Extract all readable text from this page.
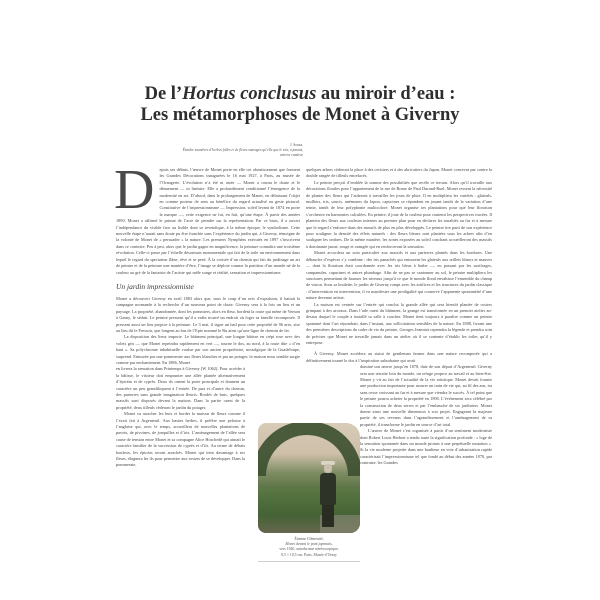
De l’Hortus conclusus au miroir d’eau :
Les métamorphoses de Monet à Giverny
J. Souza,
Étendre saunières d’herbes folles et de fleurs sauvages qu’elle que le soir, à jamais, entrera candeur

D epuis ses débuts, l’œuvre de Monet porte en elle cet aboutissement que forment les Grandes Décorations inaugurées le 16 mai 1927, à Paris, au musée de l’Orangerie. L’évolution n’a été ni aisée — Monet a connu le doute et le dénuement — ni linéaire. Elle a profondément conditionné l’émergence de la modernité en art. D’abord, dans le prolongement de Manet, en délaissant l’objet en comme porteur de sens au bénéfice du regard actualisé au geste pictural. Constitutive de l’impressionnisme — Impression, soleil levant de 1874 en porte la marque —, cette exigence ne fut, en fait, qu’une étape. À partir des années 1890, Monet a affirmé le primat de l’acte de peindre sur la représentation. Par ce biais, il a ouvert l’indépendance du visible face au lisible dont se revendique, à la même époque, le symbolisme. Cette nouvelle étape n’aurait sans doute pu être franchie sans l’expérience du jardin qui, à Giverny, témoigne de la volonté de Monet de « persuader » la nature. Les premiers Nymphéas exécutés en 1897 s’inscrivent dans ce contexte. Peu à peu, alors que le jardin gagne en magnificence, la peinture connaîtra une troisième révolution. Celle-ci passe par l’échelle désormais monumentale qui fait de la toile un environnement dans lequel le regard du spectateur flâne, rêve et se perd. À la croisée d’un chemin qui fait du jardinage un art de peintre et de la peinture une manière d’être, l’image se déploie comme la partition d’un monde né de la couleur au gré de la fantaisie de l’artiste qui mêle songe et réalité, sensation et impressionnisme.

Un jardin impressionniste

Monet a découvert Giverny en avril 1883 alors que, sous le coup d’un avis d’expulsion, il battait la campagne normande à la recherche d’un nouveau point de chute. Giverny sera à la fois un lieu et un paysage. La propriété, abandonnée, dont les pommiers, alors en fleur, bordent la route qui mène de Vernon à Gasny, le séduit. Le peintre pressent qu’il a enfin trouvé un endroit où loger sa famille recomposée. Il pressent aussi un lieu propice à la peinture. Le 3 mai, il signe un bail pour cette propriété de 96 ares, sise au lieu dit le Pressoir, que longent au bas de l’Epte nommé le Ru ainsi qu’une ligne de chemin de fer.

La disposition des lieux importe. Le bâtiment principal, une longue bâtisse en crépi rose avec des volets gris — que Monet repeindra rapidement en vert —, tourne le dos, au nord, à la route dite « d’en haut ». Sa polychromie inhabituelle voulue par son ancien propriétaire, nostalgique de la Guadeloupe, surprend. Entourée par une pommeraie aux fleurs blanches et par un potager, la maison nous semble surgie comme par enchantement. En 1886, Monet

en livrera la sensation dans Printemps à Giverny (W 1062). Pour accéder à la bâtisse, le visiteur doit emprunter une allée plantée alternativement d’épicéas et de cyprès. Deux ifs ornent la porte principale et donnent un caractère un peu grandiloquent à l’entrée. De part et d’autre du chemin, des parterres sans grande imagination fleuris. Bordés de buis, quelques massifs sont disposés devant la maison. Dans la partie ouest de la propriété, deux tilleuls cèderont le jardin du potager.

Monet va arracher les buis et border la maison de fleurs comme il l’avait fait à Argenteuil. Aux hautes herbes, il préfère une pelouse à l’anglaise qui, avec le temps, accueillera de nouvelles plantations de pavots, de pivoines, de jonquilles et d’iris. L’aménagement de l’allée sera cause de tension entre Monet et sa compagne Alice Hoschedé qui aimait le caractère familier de la succession de cyprès et d’ifs. Au terme de débats houleux, les épicéas seront arrachés. Monet qui tient davantage à ses fleurs, élaguera les ifs pour permettre aux rosiers de se développer. Dans la pommeraie,

quelques arbres cèderont la place à des cerisiers et à des abricotiers du Japon. Monet concevra par contre la double rangée de tilleuls entrelacés.

Le peintre perçoit d’emblée la somme des possibilités que recèle ce terrain. Alors qu’il travaille aux décorations florales pour l’appartement de la rue de Rome de Paul Durand-Ruel, Monet ressent la nécessité de planter des fleurs qui l’aideront à travailler les jours de pluie. Il en multipliera les variétés : glaïeuls, mufliers, iris, soucis, anémones du Japon, capucines se répondent en jouant tantôt de la variation d’une teinte, tantôt de leur polyphonie multicolore. Monet organise ses plantations pour que leur floraison s’orchestre en harmonies calculées. En peintre, il joue de la couleur pour contenir les perspectives tracées. Il plantera des fleurs aux couleurs intenses au premier plan pour en déclarer les tonalités au fur et à mesure que le regard s’enfonce dans des massifs de plus en plus développés. Le peintre tire parti de son expérience pour souligner la densité des effets naturels : des fleurs bleues sont plantées sous les arbres afin d’en souligner les ombres. De la même manière, les zones exposées au soleil couchant accueilleront des massifs à dominante jaune, rouge et orangée qui en renforceront la sensation.

Monet accordera un soin particulier aux massifs et aux parterres plantés dans les bordures. Une débauche d’espèces s’y combine : des iris panachés qui entourent les glaïeuls aux œillets blancs et mauves — dont la floraison était coordonnée avec les iris bleus à barbe —, en passant par les saxifrages, campanules, capucines et autres plumbago. Afin de ne pas se cantonner au sol, le peintre multipliera les structures permettant de hausser les niveaux jusqu’à ce que le monde floral envahisse l’ensemble du champ de vision. Sous sa houlette, le jardin de Giverny rompt avec les artifices et les structures du jardin classique : d’intervention en intervention, il va manifester une prodigalité qui conserve l’apparente spontanéité d’une nature devenue artiste.

La maison est centrée sur l’entrée qui conclut la grande allée qui sera bientôt plantée de rosiers grimpant à des arceaux. Dans l’aile ouest du bâtiment, la grange est transformée en un premier atelier au-dessus duquel le couple a installé sa salle à coucher. Monet tient toujours à paraître comme un peintre spontané dont l’art répondrait, dans l’instant, aux sollicitations sensibles de la nature. En 1888, livrant une des premières descriptions du cadre de vie du peintre, Georges Jeanniot reprendra la légende et prendra soin de préciser que Monet ne travaille jamais dans un atelier où il se contente d’établir les toiles qu’il y entrepose.

À Giverny, Monet accèdera au statut de gentleman farmer dans une nature recomposée qui a définitivement tourné le dos à l’inspiration suburbaine qui avait

dominé son œuvre jusqu’en 1878, date de son départ d’Argenteuil. Giverny sera une retraite loin du monde, un refuge propice au travail et au bien-être. Monet y vit au fait de l’actualité de la vie artistique. Monet devait fournir une production importante pour assurer un train de vie qui, au fil des ans, ira sans cesse croissant au fur et à mesure que viendra le succès. À tel point que le peintre pourra acheter la propriété en 1890. L’événement sera célébré par la construction de deux serres et par l’embauche de six jardiniers. Monet donne ainsi une nouvelle dimension à son projet. Engageant la majeure partie de ses revenus dans l’agrandissement et l’aménagement de sa propriété, il transforme le jardin en source d’art total.

L’œuvre de Monet s’est organisée à partir d’un sentiment moderniste dont Robert Louis Herbert a rendu toute la signification profonde : « loge de la sensation spontanée dans un monde promis à une perpétuelle mutation ». Si la vie moderne projetée dans une banlieue en voie d’urbanisation rapide caractérisait l’impressionnisme tel que fondé au début des années 1870, par contraste, les Grandes

Étienne Clémentel,
Monet devant le pont japonais,
vers 1920, autochrome stéréoscopique,
8,5 × 10,5 cm, Paris, Musée d’Orsay
